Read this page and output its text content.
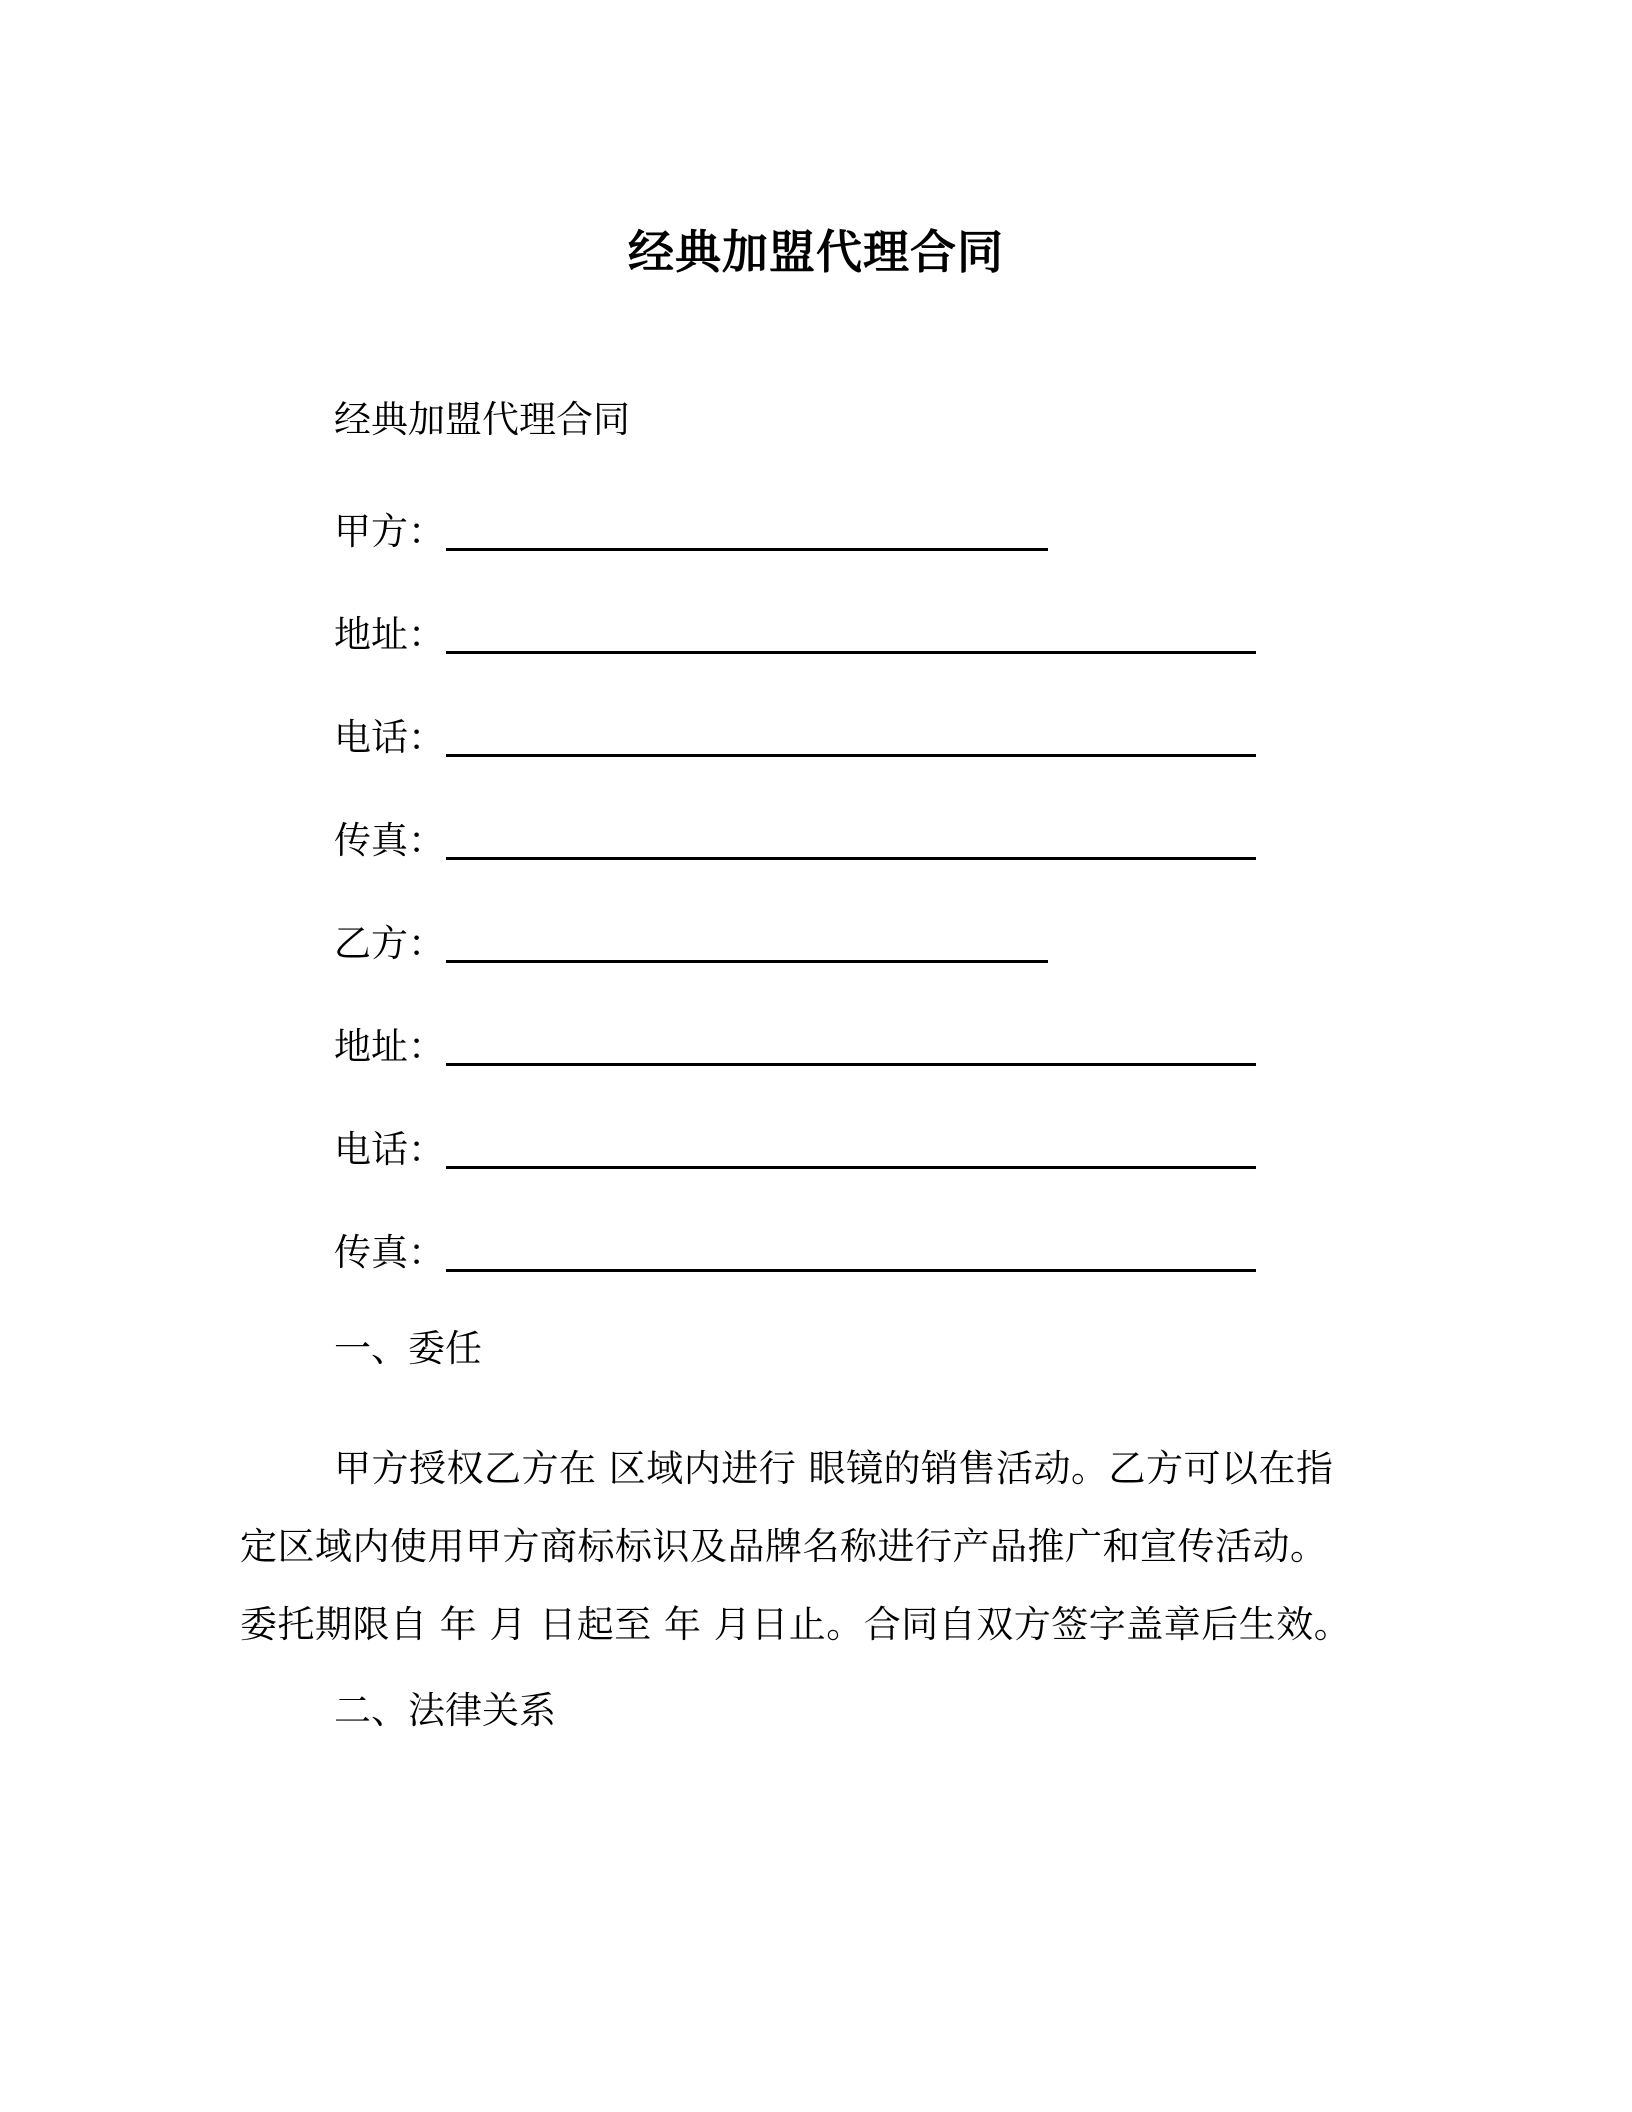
经典加盟代理合同
经典加盟代理合同
甲方：
地址：
电话：
传真：
乙方：
地址：
电话：
传真：
一、委任
甲方授权乙方在 区域内进行 眼镜的销售活动。乙方可以在指定区域内使用甲方商标标识及品牌名称进行产品推广和宣传活动。委托期限自 年 月 日起至 年 月日止。合同自双方签字盖章后生效。
二、法律关系
